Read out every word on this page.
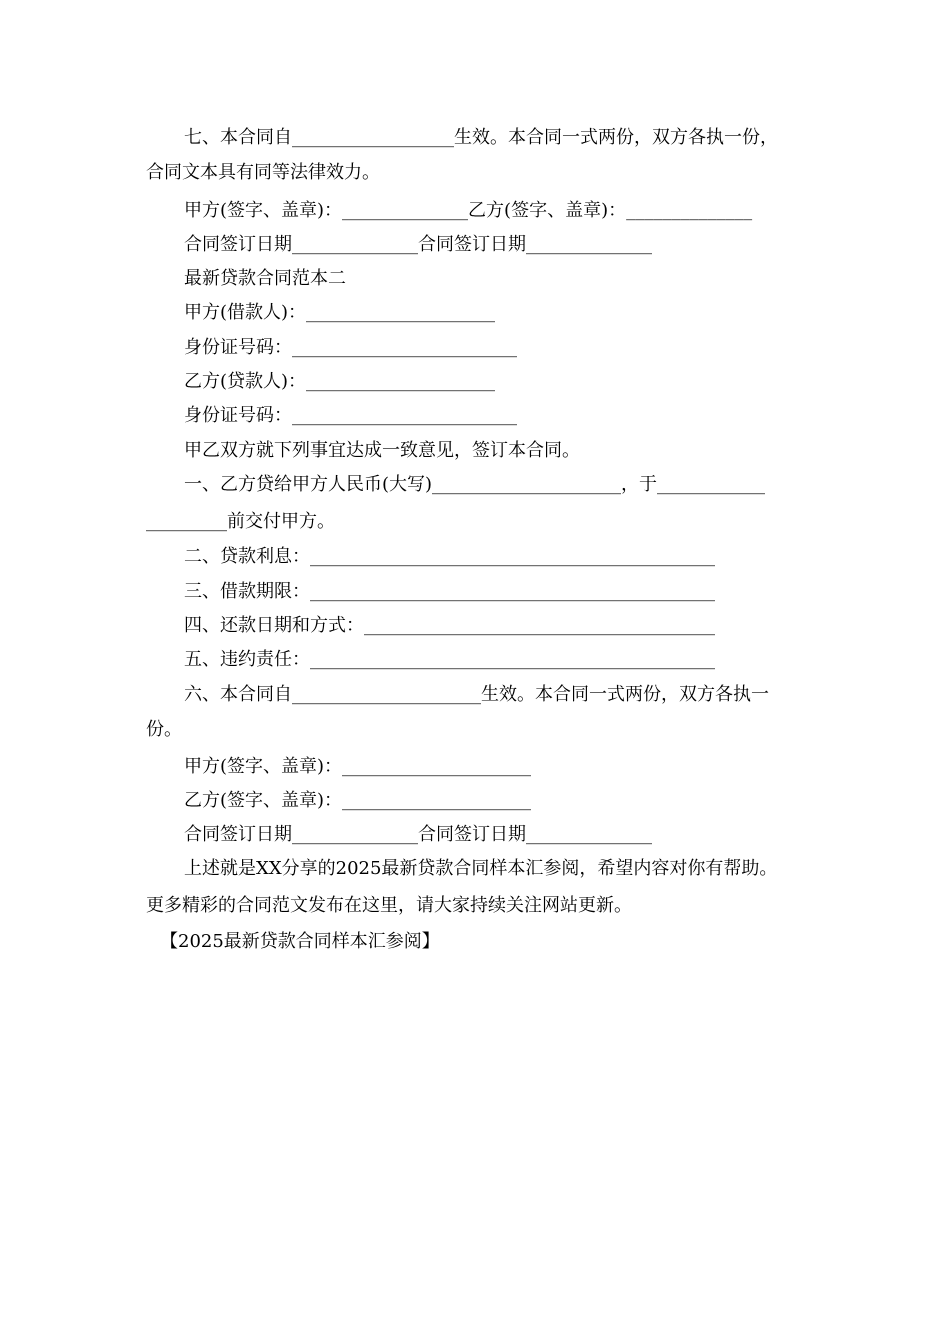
七、本合同自__________________生效。本合同一式两份，双方各执一份，
合同文本具有同等法律效力。
甲方(签字、盖章)：______________乙方(签字、盖章)：______________
合同签订日期______________合同签订日期______________
最新贷款合同范本二
甲方(借款人)：_____________________
身份证号码：_________________________
乙方(贷款人)：_____________________
身份证号码：_________________________
甲乙双方就下列事宜达成一致意见，签订本合同。
一、乙方贷给甲方人民币(大写)_____________________，于____________
_________前交付甲方。
二、贷款利息：_____________________________________________
三、借款期限：_____________________________________________
四、还款日期和方式：_______________________________________
五、违约责任：_____________________________________________
六、本合同自_____________________生效。本合同一式两份，双方各执一
份。
甲方(签字、盖章)：_____________________
乙方(签字、盖章)：_____________________
合同签订日期______________合同签订日期______________
上述就是XX分享的2025最新贷款合同样本汇参阅，希望内容对你有帮助。
更多精彩的合同范文发布在这里，请大家持续关注网站更新。
【2025最新贷款合同样本汇参阅】
